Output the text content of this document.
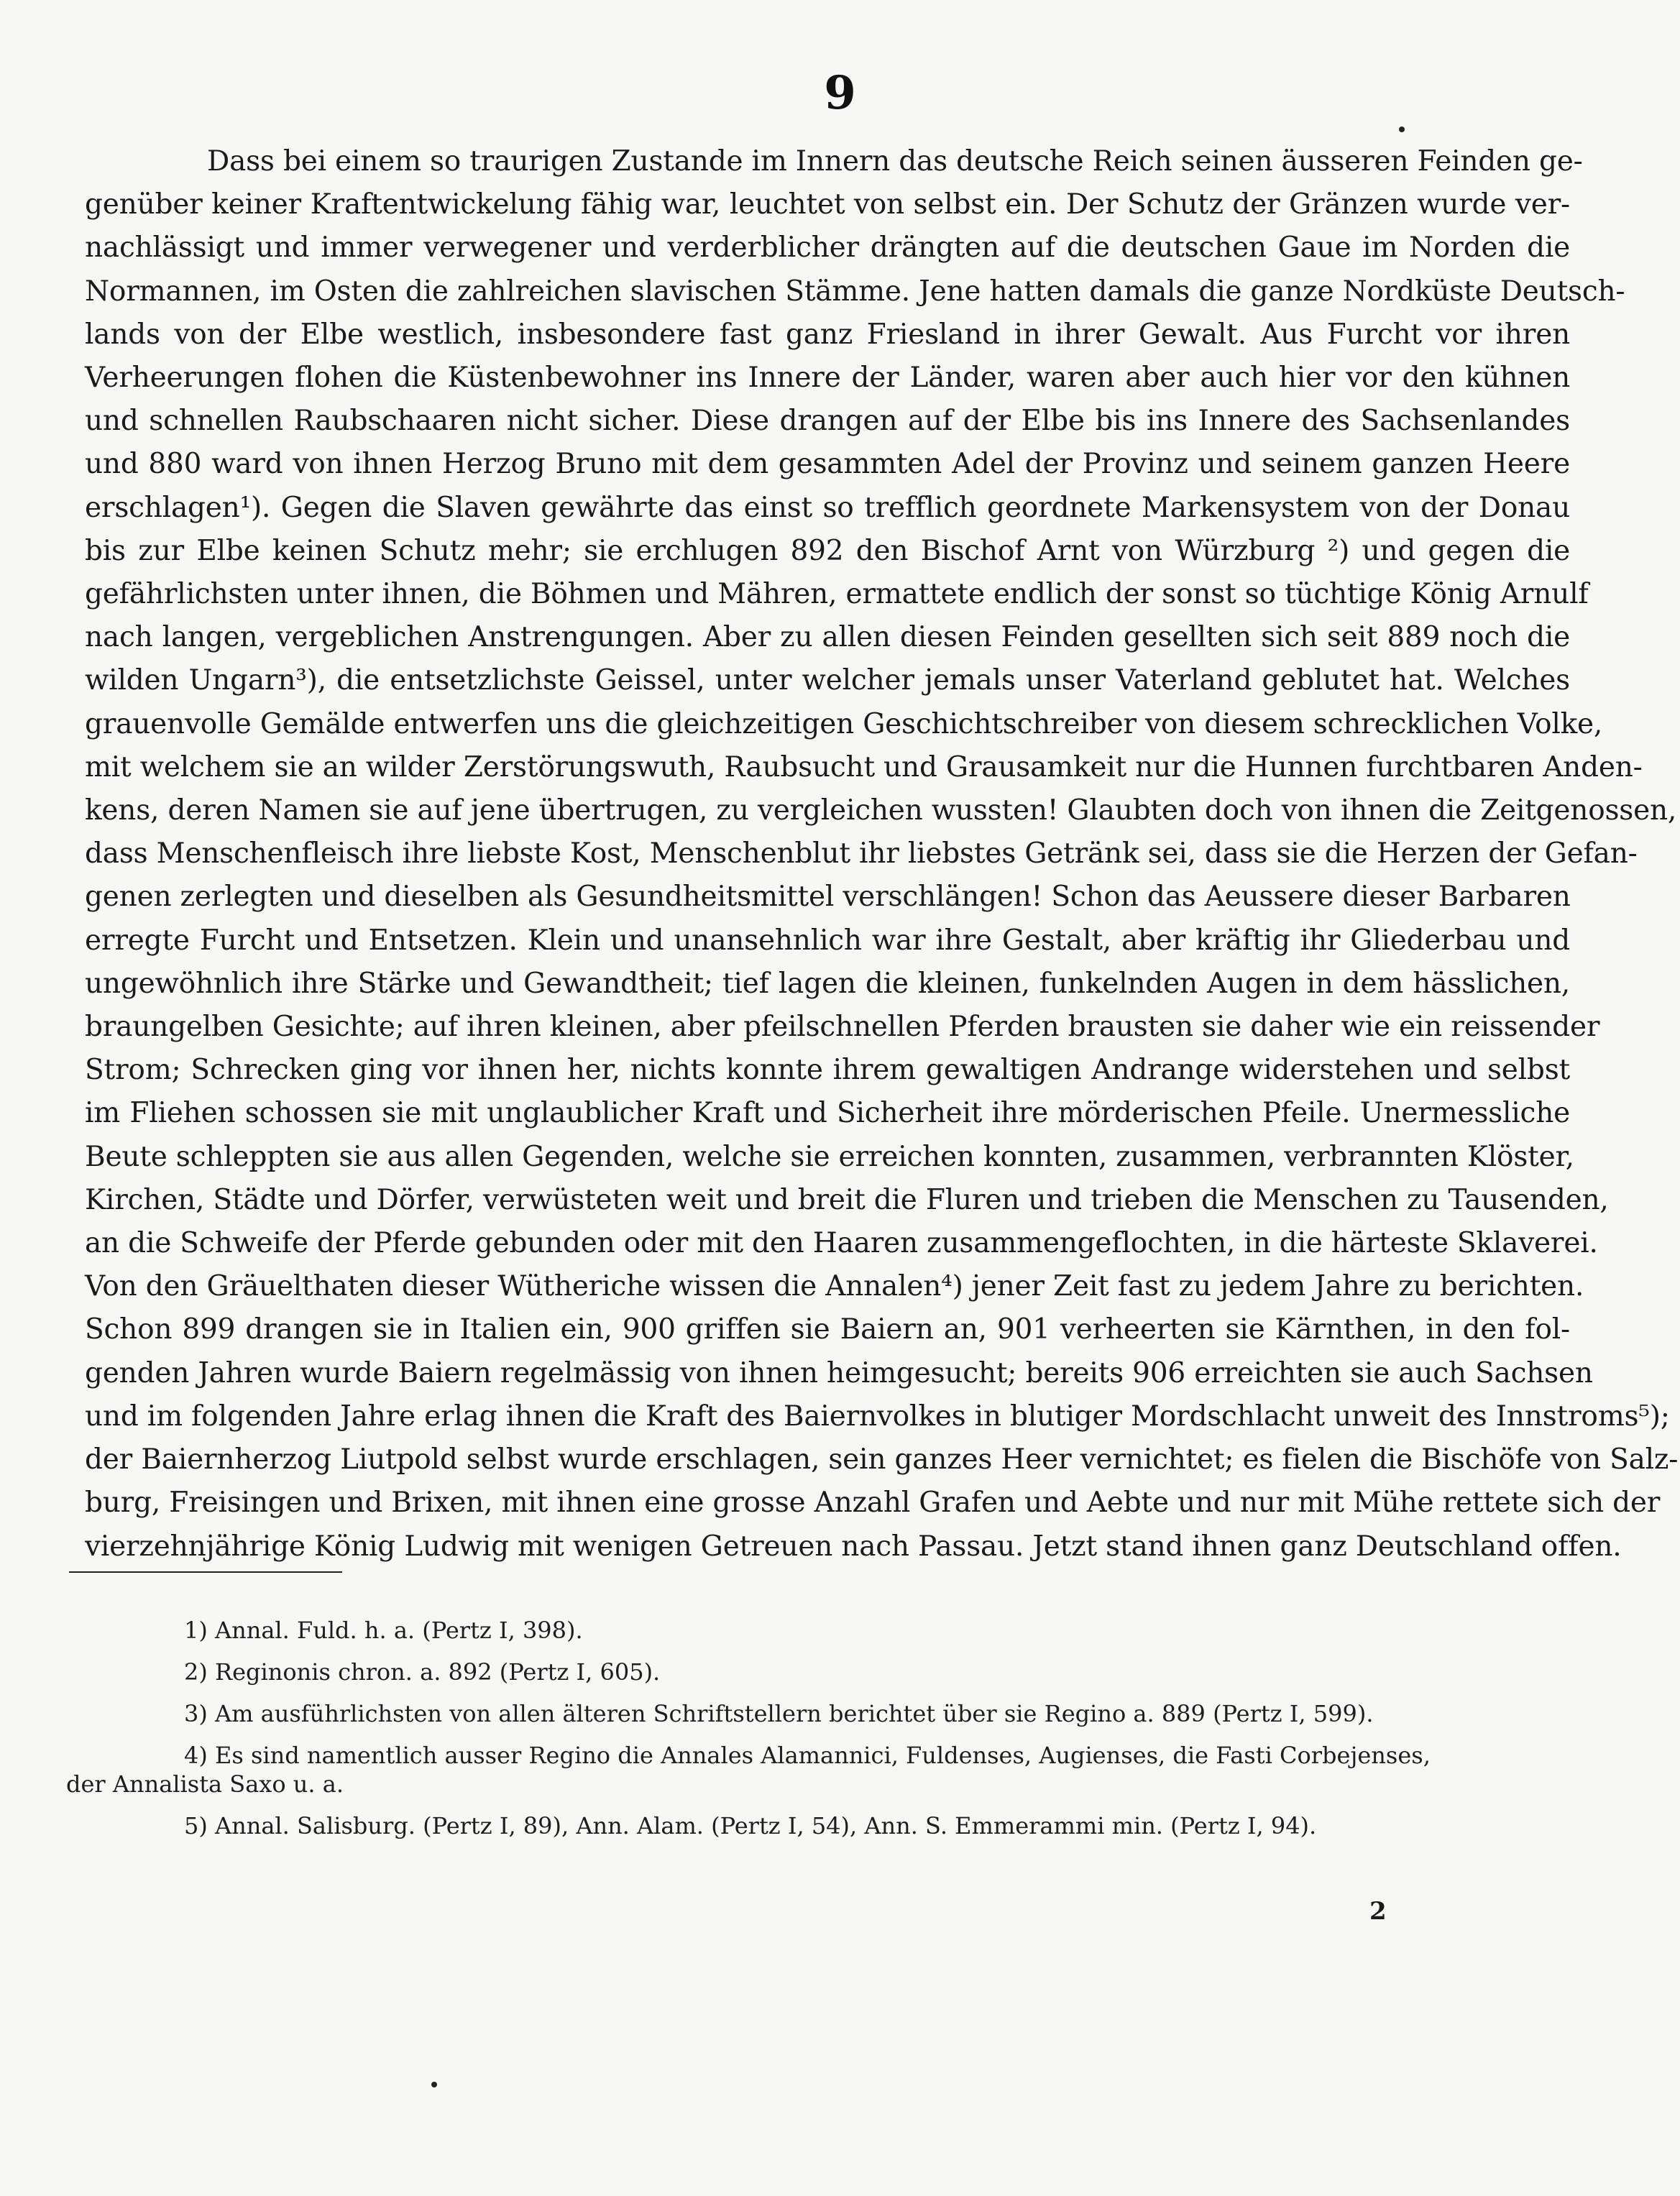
9
Dass bei einem so traurigen Zustande im Innern das deutsche Reich seinen äusseren Feinden ge-
genüber keiner Kraftentwickelung fähig war, leuchtet von selbst ein. Der Schutz der Gränzen wurde ver-
nachlässigt und immer verwegener und verderblicher drängten auf die deutschen Gaue im Norden die
Normannen, im Osten die zahlreichen slavischen Stämme. Jene hatten damals die ganze Nordküste Deutsch-
lands von der Elbe westlich, insbesondere fast ganz Friesland in ihrer Gewalt. Aus Furcht vor ihren
Verheerungen flohen die Küstenbewohner ins Innere der Länder, waren aber auch hier vor den kühnen
und schnellen Raubschaaren nicht sicher. Diese drangen auf der Elbe bis ins Innere des Sachsenlandes
und 880 ward von ihnen Herzog Bruno mit dem gesammten Adel der Provinz und seinem ganzen Heere
erschlagen¹). Gegen die Slaven gewährte das einst so trefflich geordnete Markensystem von der Donau
bis zur Elbe keinen Schutz mehr; sie erchlugen 892 den Bischof Arnt von Würzburg ²) und gegen die
gefährlichsten unter ihnen, die Böhmen und Mähren, ermattete endlich der sonst so tüchtige König Arnulf
nach langen, vergeblichen Anstrengungen. Aber zu allen diesen Feinden gesellten sich seit 889 noch die
wilden Ungarn³), die entsetzlichste Geissel, unter welcher jemals unser Vaterland geblutet hat. Welches
grauenvolle Gemälde entwerfen uns die gleichzeitigen Geschichtschreiber von diesem schrecklichen Volke,
mit welchem sie an wilder Zerstörungswuth, Raubsucht und Grausamkeit nur die Hunnen furchtbaren Anden-
kens, deren Namen sie auf jene übertrugen, zu vergleichen wussten! Glaubten doch von ihnen die Zeitgenossen,
dass Menschenfleisch ihre liebste Kost, Menschenblut ihr liebstes Getränk sei, dass sie die Herzen der Gefan-
genen zerlegten und dieselben als Gesundheitsmittel verschlängen! Schon das Aeussere dieser Barbaren
erregte Furcht und Entsetzen. Klein und unansehnlich war ihre Gestalt, aber kräftig ihr Gliederbau und
ungewöhnlich ihre Stärke und Gewandtheit; tief lagen die kleinen, funkelnden Augen in dem hässlichen,
braungelben Gesichte; auf ihren kleinen, aber pfeilschnellen Pferden brausten sie daher wie ein reissender
Strom; Schrecken ging vor ihnen her, nichts konnte ihrem gewaltigen Andrange widerstehen und selbst
im Fliehen schossen sie mit unglaublicher Kraft und Sicherheit ihre mörderischen Pfeile. Unermessliche
Beute schleppten sie aus allen Gegenden, welche sie erreichen konnten, zusammen, verbrannten Klöster,
Kirchen, Städte und Dörfer, verwüsteten weit und breit die Fluren und trieben die Menschen zu Tausenden,
an die Schweife der Pferde gebunden oder mit den Haaren zusammengeflochten, in die härteste Sklaverei.
Von den Gräuelthaten dieser Wütheriche wissen die Annalen⁴) jener Zeit fast zu jedem Jahre zu berichten.
Schon 899 drangen sie in Italien ein, 900 griffen sie Baiern an, 901 verheerten sie Kärnthen, in den fol-
genden Jahren wurde Baiern regelmässig von ihnen heimgesucht; bereits 906 erreichten sie auch Sachsen
und im folgenden Jahre erlag ihnen die Kraft des Baiernvolkes in blutiger Mordschlacht unweit des Innstroms⁵);
der Baiernherzog Liutpold selbst wurde erschlagen, sein ganzes Heer vernichtet; es fielen die Bischöfe von Salz-
burg, Freisingen und Brixen, mit ihnen eine grosse Anzahl Grafen und Aebte und nur mit Mühe rettete sich der
vierzehnjährige König Ludwig mit wenigen Getreuen nach Passau. Jetzt stand ihnen ganz Deutschland offen.
1) Annal. Fuld. h. a. (Pertz I, 398).
2) Reginonis chron. a. 892 (Pertz I, 605).
3) Am ausführlichsten von allen älteren Schriftstellern berichtet über sie Regino a. 889 (Pertz I, 599).
4) Es sind namentlich ausser Regino die Annales Alamannici, Fuldenses, Augienses, die Fasti Corbejenses,
der Annalista Saxo u. a.
5) Annal. Salisburg. (Pertz I, 89), Ann. Alam. (Pertz I, 54), Ann. S. Emmerammi min. (Pertz I, 94).
2
